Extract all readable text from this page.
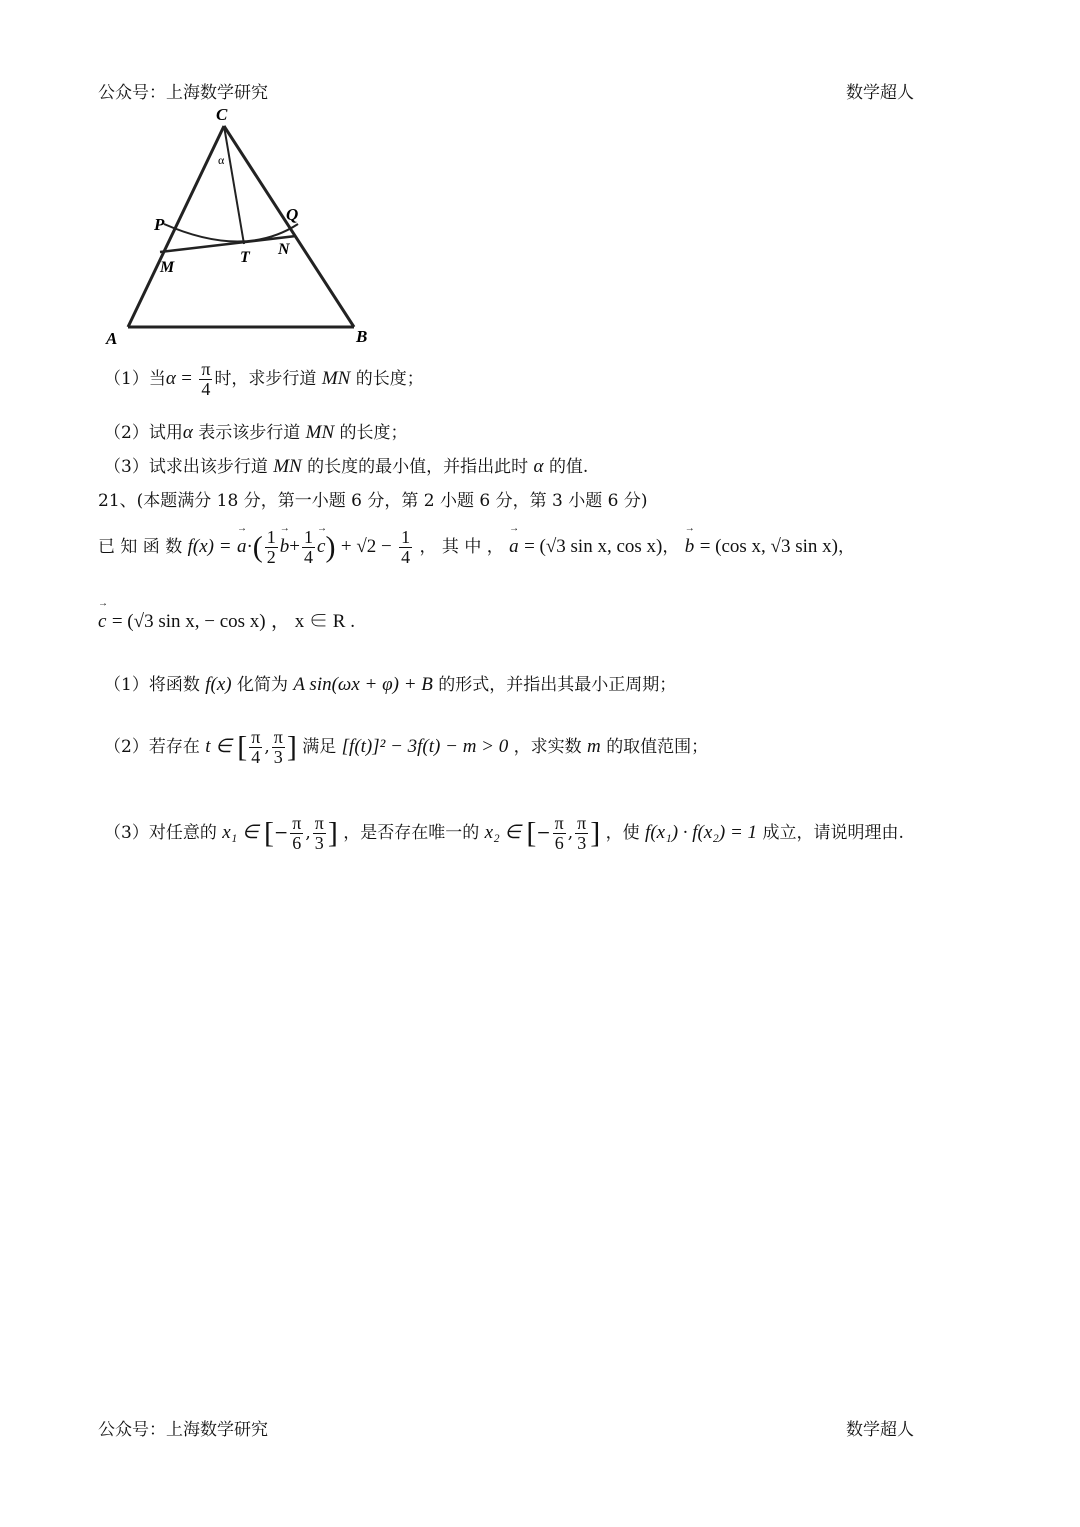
公众号：上海数学研究	数学超人
C
α
P
Q
M
T N
A	B
（1）当$\alpha = \frac{\pi}{4}$ 时，求步行道 MN 的长度；
（2）试用α 表示该步行道 MN 的长度；
（3）试求出该步行道 MN 的长度的最小值，并指出此时 α 的值.
21、(本题满分 18 分，第一小题 6 分，第 2 小题 6 分，第 3 小题 6 分)
已 知 函 数 f(x) = → $a\cdot( \frac{1}{2}$
→ $b+ \frac{1}{4}$
→ $c) + √2 - \frac{1}{4}$ ， 其 中 ， → a = (√3 sin x, cos x)， → b = (cos x, √3 sin x)，
→ c = (√3 sin x, − cos x) ， x ∈ R .
（1）将函数 f(x) 化简为 A sin(ωx + φ) + B 的形式，并指出其最小正周期；
（2）若存在 t ∈ [ $\frac{\pi}{4}$ , $\frac{\pi}{3}$ ] 满足 [f(t)]² − 3f(t) − m > 0 ，求实数 m 的取值范围；
（3）对任意的 x₁ ∈ [− $\frac{\pi}{6}$ , $\frac{\pi}{3}$ ] ，是否存在唯一的 x₂ ∈ [− $\frac{\pi}{6}$ , $\frac{\pi}{3}$ ] ，使 f(x₁) · f(x₂) = 1 成立，请说明理由.
公众号：上海数学研究	数学超人
